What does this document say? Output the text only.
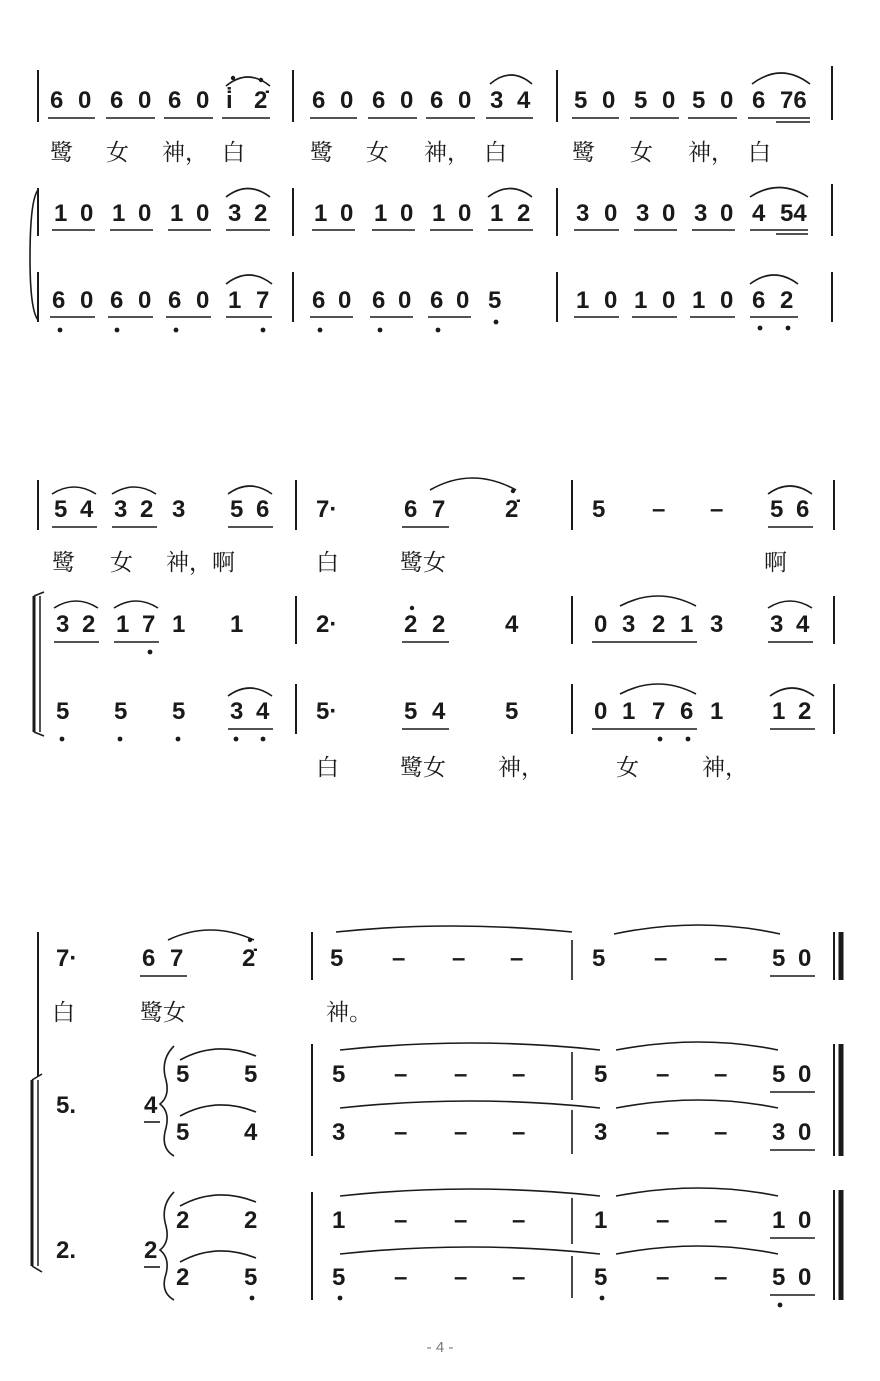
6 0 6 0 6 0 i̇ 2̇ 6 0 6 0 6 0 3 4 5 0 5 0 5 0 6 76
鹭 女 神， 白	鹭 女 神， 白	鹭 女 神， 白
1 0 1 0 1 0 3 2 1 0 1 0 1 0 1 2 3 0 3 0 3 0 4 54
6 0 6 0 6 0 1 7 6 0 6 0 6 0 5	1 0 1 0 1 0 6 2
5 4 3 2 3 5 6 7·	6 7 2̇	5 – – 5 6
鹭 女 神，啊	白	鹭女	啊
3 2 1 7 1 1	2·	2 2 4	0 3 2 1 3 3 4
5 5 5 3 4 5·	5 4 5	0 1 7 6 1 1 2
白	鹭女 神，	女	神，
7·	6 7 2̇	5 – – –	5 – – 5 0
白	鹭女	神。
5.	4
2.	2
5 5	5 – – –	5 – – 5 0
5 4	3 – – –	3 – – 3 0
2 2	1 – – –	1 – – 1 0
2 5	5 – – –	5 – – 5 0
- 4 -
